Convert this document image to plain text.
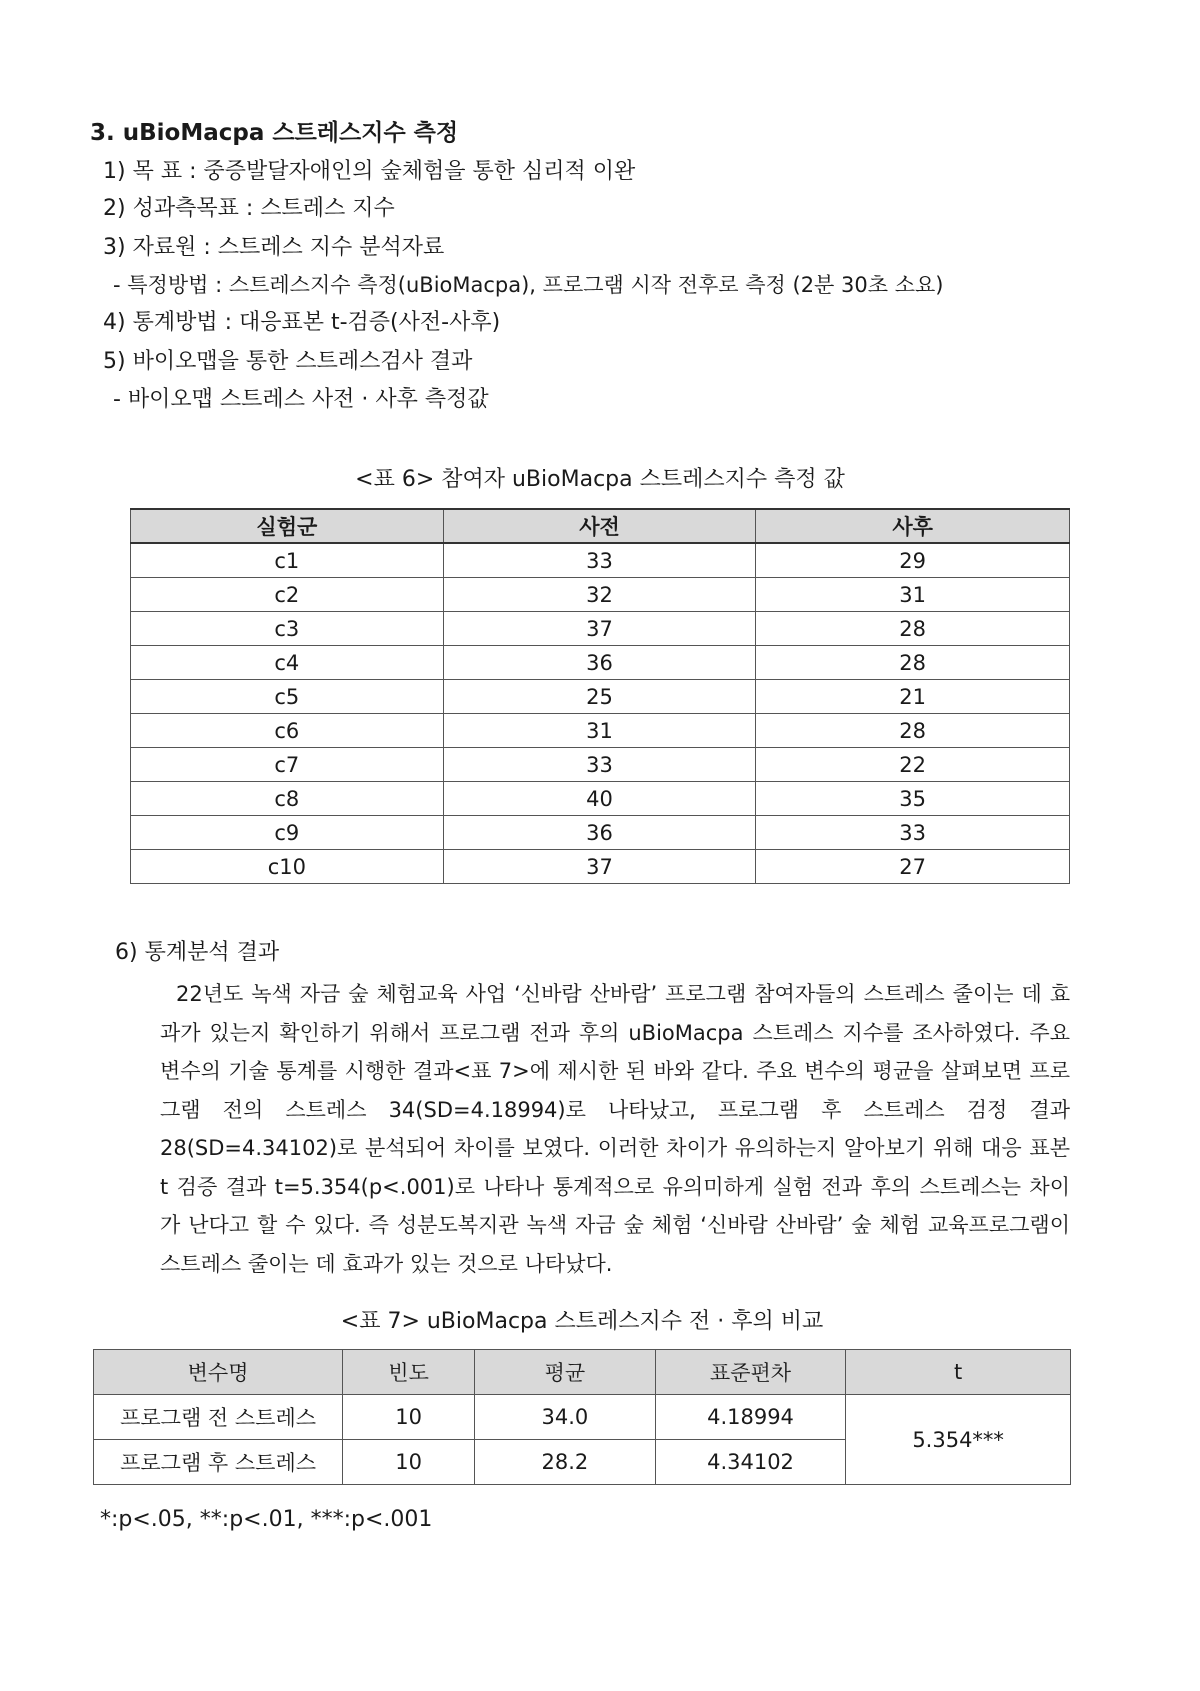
3. uBioMacpa 스트레스지수 측정
1) 목 표 : 중증발달자애인의 숲체험을 통한 심리적 이완
2) 성과측목표 : 스트레스 지수
3) 자료원 : 스트레스 지수 분석자료
- 특정방법 : 스트레스지수 측정(uBioMacpa), 프로그램 시작 전후로 측정 (2분 30초 소요)
4) 통계방법 : 대응표본 t-검증(사전-사후)
5) 바이오맵을 통한 스트레스검사 결과
- 바이오맵 스트레스 사전 · 사후 측정값
<표 6> 참여자 uBioMacpa 스트레스지수 측정 값
실험군	사전	사후
c1	33	29
c2	32	31
c3	37	28
c4	36	28
c5	25	21
c6	31	28
c7	33	22
c8	40	35
c9	36	33
c10	37	27
6) 통계분석 결과
22년도 녹색 자금 숲 체험교육 사업 ‘신바람 산바람’ 프로그램 참여자들의 스트레스 줄이는 데 효과가 있는지 확인하기 위해서 프로그램 전과 후의 uBioMacpa 스트레스 지수를 조사하였다. 주요 변수의 기술 통계를 시행한 결과<표 7>에 제시한 된 바와 같다. 주요 변수의 평균을 살펴보면 프로그램 전의 스트레스 34(SD=4.18994)로 나타났고, 프로그램 후 스트레스 검정 결과 28(SD=4.34102)로 분석되어 차이를 보였다. 이러한 차이가 유의하는지 알아보기 위해 대응 표본 t 검증 결과 t=5.354(p<.001)로 나타나 통계적으로 유의미하게 실험 전과 후의 스트레스는 차이가 난다고 할 수 있다. 즉 성분도복지관 녹색 자금 숲 체험 ‘신바람 산바람’ 숲 체험 교육프로그램이 스트레스 줄이는 데 효과가 있는 것으로 나타났다.
<표 7> uBioMacpa 스트레스지수 전 · 후의 비교
변수명	빈도	평균	표준편차	t
프로그램 전 스트레스	10	34.0	4.18994	5.354***
프로그램 후 스트레스	10	28.2	4.34102	
*:p<.05, **:p<.01, ***:p<.001
